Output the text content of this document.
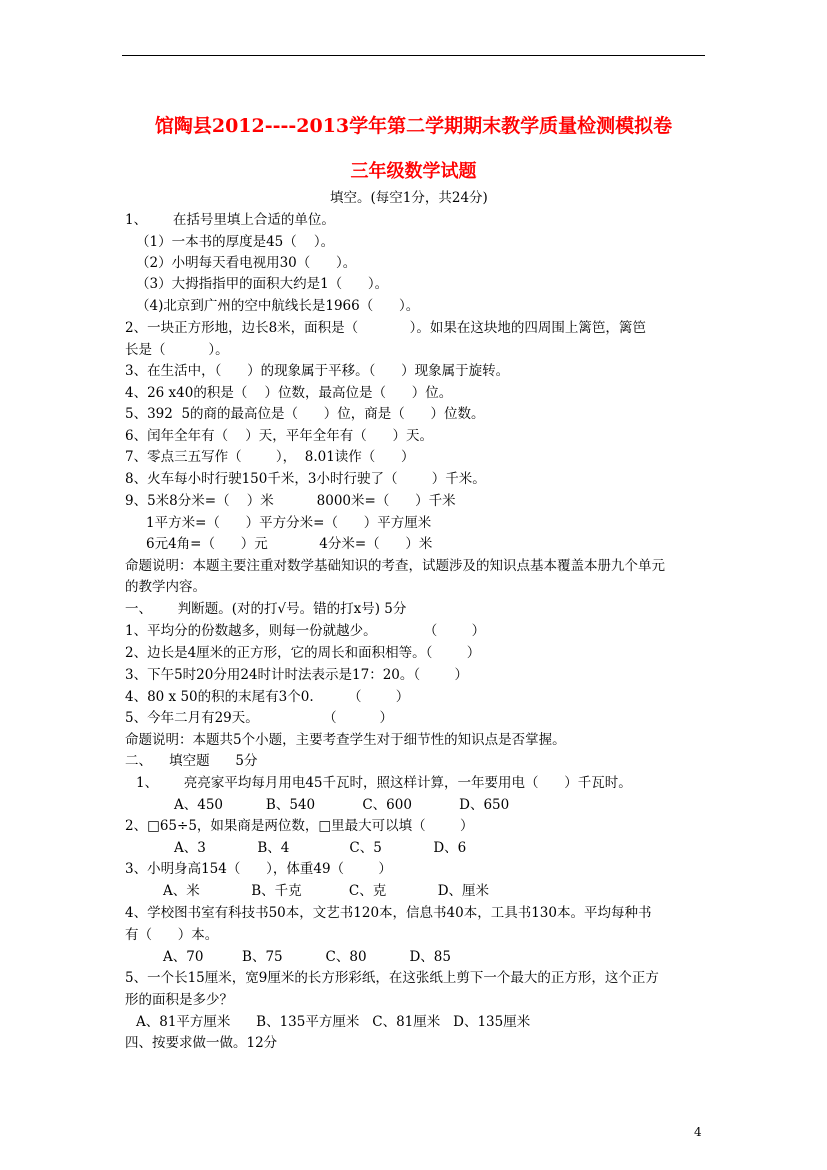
馆陶县2012----2013学年第二学期期末教学质量检测模拟卷
三年级数学试题
填空。(每空1分，共24分)
1、      在括号里填上合适的单位。
（1）一本书的厚度是45（    ）。
（2）小明每天看电视用30（      ）。
（3）大拇指指甲的面积大约是1（      ）。
（4)北京到广州的空中航线长是1966（      ）。
2、一块正方形地，边长8米，面积是（            ）。如果在这块地的四周围上篱笆，篱笆
长是（          ）。
3、在生活中，（      ）的现象属于平移。（      ）现象属于旋转。
4、26 x40的积是（    ）位数，最高位是（      ）位。
5、392  5的商的最高位是（      ）位，商是（      ）位数。
6、闰年全年有（    ）天，平年全年有（      ）天。
7、零点三五写作（        ），  8.01读作（      ）
8、火车每小时行驶150千米，3小时行驶了（        ）千米。
9、5米8分米=（    ）米          8000米=（      ）千米
1平方米=（      ）平方分米=（      ）平方厘米
6元4角=（      ）元            4分米=（      ）米
命题说明：本题主要注重对数学基础知识的考查，试题涉及的知识点基本覆盖本册九个单元
的教学内容。
一、      判断题。(对的打√号。错的打x号) 5分
1、平均分的份数越多，则每一份就越少。           （        ）
2、边长是4厘米的正方形，它的周长和面积相等。（        ）
3、下午5时20分用24时计时法表示是17：20。（        ）
4、80 x 50的积的末尾有3个0.        （        ）
5、今年二月有29天。               （          ）
命题说明：本题共5个小题，主要考查学生对于细节性的知识点是否掌握。
二、    填空题      5分
1、      亮亮家平均每月用电45千瓦时，照这样计算，一年要用电（      ）千瓦时。
A、450          B、540           C、600           D、650
2、□65÷5，如果商是两位数，□里最大可以填（        ）
A、3            B、4              C、5            D、6
3、小明身高154（      ），体重49（        ）
A、米            B、千克           C、克            D、厘米
4、学校图书室有科技书50本，文艺书120本，信息书40本，工具书130本。平均每种书
有（      ）本。
A、70         B、75          C、80          D、85
5、一个长15厘米，宽9厘米的长方形彩纸，在这张纸上剪下一个最大的正方形，这个正方
形的面积是多少？
A、81平方厘米      B、135平方厘米   C、81厘米   D、135厘米
四、按要求做一做。12分
4
